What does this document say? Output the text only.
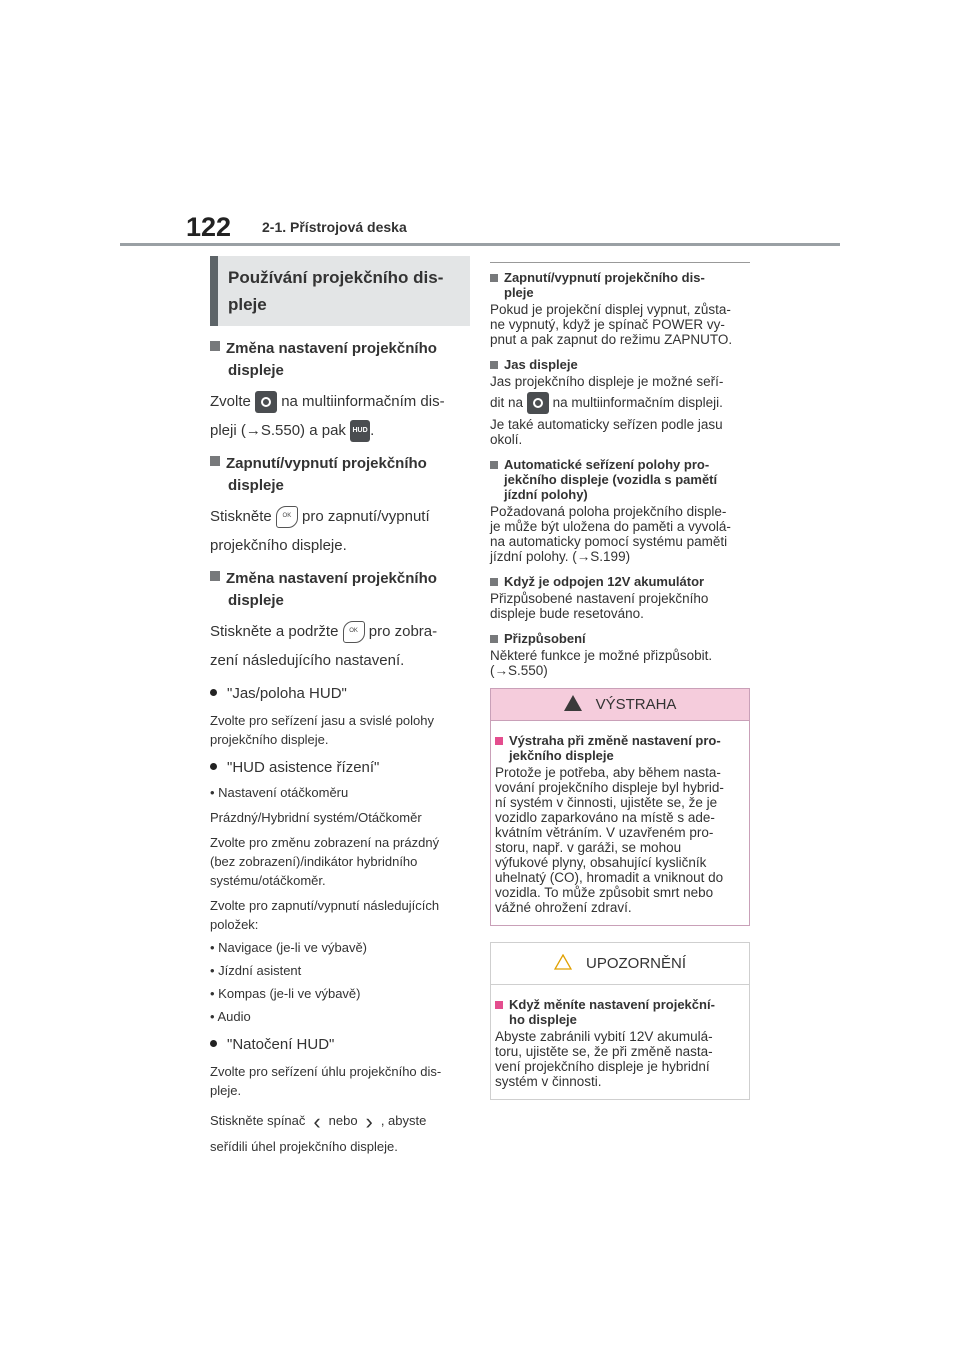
122 2-1. Přístrojová deska
Používání projekčního dis-
pleje
Změna nastavení projekčního
displeje
Zvolte na multiinformačním dis-
pleji (→S.550) a pak HUD .
Zapnutí/vypnutí projekčního
displeje
Stiskněte OK pro zapnutí/vypnutí
projekčního displeje.
Změna nastavení projekčního
displeje
Stiskněte a podržte OK pro zobra-
zení následujícího nastavení.
"Jas/poloha HUD"
Zvolte pro seřízení jasu a svislé polohy
projekčního displeje.
"HUD asistence řízení"
• Nastavení otáčkoměru
Prázdný/Hybridní systém/Otáčkoměr
Zvolte pro změnu zobrazení na prázdný
(bez zobrazení)/indikátor hybridního
systému/otáčkoměr.
Zvolte pro zapnutí/vypnutí následujících
položek:
• Navigace (je-li ve výbavě)
• Jízdní asistent
• Kompas (je-li ve výbavě)
• Audio
"Natočení HUD"
Zvolte pro seřízení úhlu projekčního dis-
pleje.
Stiskněte spínač ‹ nebo › , abyste
seřídili úhel projekčního displeje.
Zapnutí/vypnutí projekčního dis-
pleje
Pokud je projekční displej vypnut, zůsta-
ne vypnutý, když je spínač POWER vy-
pnut a pak zapnut do režimu ZAPNUTO.
Jas displeje
Jas projekčního displeje je možné seří-
dit na na multiinformačním displeji.
Je také automaticky seřízen podle jasu
okolí.
Automatické seřízení polohy pro-
jekčního displeje (vozidla s pamětí
jízdní polohy)
Požadovaná poloha projekčního disple-
je může být uložena do paměti a vyvolá-
na automaticky pomocí systému paměti
jízdní polohy. (→S.199)
Když je odpojen 12V akumulátor
Přizpůsobené nastavení projekčního
displeje bude resetováno.
Přizpůsobení
Některé funkce je možné přizpůsobit.
(→S.550)
VÝSTRAHA
Výstraha při změně nastavení pro-
jekčního displeje
Protože je potřeba, aby během nasta-
vování projekčního displeje byl hybrid-
ní systém v činnosti, ujistěte se, že je
vozidlo zaparkováno na místě s ade-
kvátním větráním. V uzavřeném pro-
storu, např. v garáži, se mohou
výfukové plyny, obsahující kysličník
uhelnatý (CO), hromadit a vniknout do
vozidla. To může způsobit smrt nebo
vážné ohrožení zdraví.
UPOZORNĚNÍ
Když měníte nastavení projekční-
ho displeje
Abyste zabránili vybití 12V akumulá-
toru, ujistěte se, že při změně nasta-
vení projekčního displeje je hybridní
systém v činnosti.
